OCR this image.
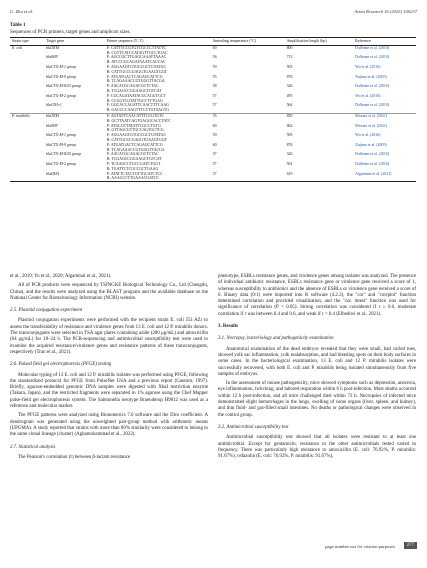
G. Zhu et al.	Avian Research 16 (2025) 100237
Table 1
Sequences of PCR primers, target genes and amplicon sizes.
Strain type	Target gene	Primer sequence (5'–3')	Annealing temperature (°C)	Amplification length (bp)	Reference
E. coli	blaTEM	F: CATTTCCGTGTCGCCCTTATTC
R: CGTTCATCCATAGTTGCCTGAC	60	800	Dallenne et al. (2010)
	blaSHV	F: AGCCGCTTGAGCAAATTAAAC
R: ATCCCGCAGATAAATCACCAC	56	713	Dallenne et al. (2010)
	blaCTX-M-1 group	F: AGGAAGTGTGCCGCTGTATGC
R: CATTGCCCGAGGTGAAGTGGT	59	505	Wu et al. (2016)
	blaCTX-M-9 group	F: ATGATGACTCAGAGCATTCG
R: TCAGAAACCGTGGGTTACGA	55	876	Xujima et al. (2005)
	blaCTX-M-8/25 group	F: AACACGCAGACGCTCTAC
R: TCGAGCCGGAAGCTGTCAT	58	326	Dallenne et al. (2010)
	blaCTX-M-2 group	F: CGCAGATAATACGCAGGTGCT
R: CCGGTCGTATTGCCTTTGAG	57	495	Wu et al. (2016)
	blaOXA-1	F: GGCACCAGATTCAACTTTCAAG
R: GACCCCAAGTTTCCTGTAAGTG	57	564	Dallenne et al. (2010)
P. mirabilis	blaTEM	F: AGTATTCAACATTTCCGTGTC
R: GCTTAATCAGTGAGGCACCTATC	55	850	Mirzaei et al. (2021)
	blaSHV	F: ATGCGTTATATTCGCCTGTG
R: GTTAGCGTTGCCAGTGCTCG	60	862	Mirzaei et al. (2021)
	blaCTX-M-1 group	F: AGGAAGTGTGCCGCTGTATGC
R: CATTGCCCGAGGTGAAGTGGT	59	505	Wu et al. (2016)
	blaCTX-M-9 group	F: ATGATGACTCAGAGCATTCG
R: TCAGAAACCGTGGGTTACGA	60	876	Xujima et al. (2005)
	blaCTX-M-8/25 group	F: AACACGCAGACGCTCTAC
R: TCGAGCCGGAAGCTGTCAT	57	326	Dallenne et al. (2010)
	blaCTX-M-2 group	F: TCAAGCCTGCCGATCTGGT
R: TGATTCTCGCCGCTGAAG	57	561	Dallenne et al. (2010)
	blaDHA	F: ATATTCTACTGTTGCATCTCC
R: AAAGCCTTGAAACGATCC	57	619	Algammal et al. (2021)

et al., 2019; Yu et al., 2020; Algammal et al., 2021).

All of PCR products were sequenced by TSINGKE Biological Technology Co., Ltd (Chengdu, China), and the results were analyzed using the BLAST program and the available database on the National Center for Biotechnology Information (NCBI) website.

2.5. Plasmid conjugation experiment

Plasmid conjugation experiments were performed with the recipient strain E. coli J53 AZr to assess the transferability of resistance and virulence genes from 13 E. coli and 12 P. mirabilis donors. The transconjugants were selected in TSA agar plates containing azide (200 μg/mL) and amoxicillin (64 μg/mL) for 18–24 h. The PCR-sequencing and antimicrobial susceptibility test were used to examine the acquired resistance/virulence genes and resistance patterns of these transconjugants, respectively (Tran et al., 2021).

2.6. Pulsed field gel electrophoresis (PFGE) testing

Molecular typing of 13 E. coli and 12 P. mirabilis isolates was performed using PFGE, following the standardized protocol for PFGE from PulseNet USA and a previous report (Gautom, 1997). Briefly, agarose-embedded genomic DNA samples were digested with XbaI restriction enzyme (Takara, Japan), and the restricted fragments were separated in 1% agarose using the Chef Mapper pulse-field gel electrophoresis system. The Salmonella serotype Braenderup H9812 was used as a reference and molecular marker.

The PFGE patterns were analyzed using Bionumerics 7.6 software and the Dice coefficient. A dendrogram was generated using the unweighted pair-group method with arithmetic means (UPGMA). A study reported that strains with more than 80% similarity were considered to belong to the same clonal lineage (cluster) (Aghamohammad et al., 2022).

2.7. Statistical analysis

The Pearson's correlation (r) between β-lactam resistance

phenotype, ESBLs resistance genes, and virulence genes among isolates was analyzed. The presence of individual antibiotic resistance, ESBLs resistance gene or virulence gene received a score of 1, whereas susceptibility to antibiotics and the absence of ESBLs or virulence gene received a score of 0. Binary data (0/1) were imported into R software (4.2.2), the "cor" and "corrplot" function determined correlation and provided visualization, and the "cor. mtest" function was used for significance of correlation (P < 0.05). Strong correlation was considered if r ≥ 0.6, moderate correlation if r was between 0.4 and 0.6, and weak if r < 0.4 (Elbediwi et al., 2021).

3. Results
3.1. Necropsy, bacteriology and pathogenicity examination

Anatomical examination of the dead embryos revealed that they were small, had curled toes, showed yolk sac inflammation, yolk malabsorption, and had bleeding spots on their body surfaces in some cases. In the bacteriological examination, 13 E. coli and 12 P. mirabilis isolates were successfully recovered, with both E. coli and P. mirabilis being isolated simultaneously from five samples of embryos.

In the assessment of mouse pathogenicity, mice showed symptoms such as depression, anorexia, eye inflammation, twitching, and labored respiration within 6 h post-infection. Most deaths occurred within 12 h post-infection, and all mice challenged died within 72 h. Necropsies of infected mice demonstrated slight hemorrhages in the lungs, swelling of some organs (liver, spleen, and kidney), and thin fluid- and gas-filled small intestines. No deaths or pathological changes were observed in the control group.

3.2. Antimicrobial susceptibility test

Antimicrobial susceptibility test showed that all isolates were resistant to at least one antimicrobial. Except for gentamicin, resistance to the other antimicrobials tested varied in frequency. There was particularly high resistance to amoxicillin (E. coli: 76.92%, P. mirabilis: 91.67%), cefazolin (E. coli: 76.92%, P. mirabilis: 91.67%),

page number not for citation purposes	277
